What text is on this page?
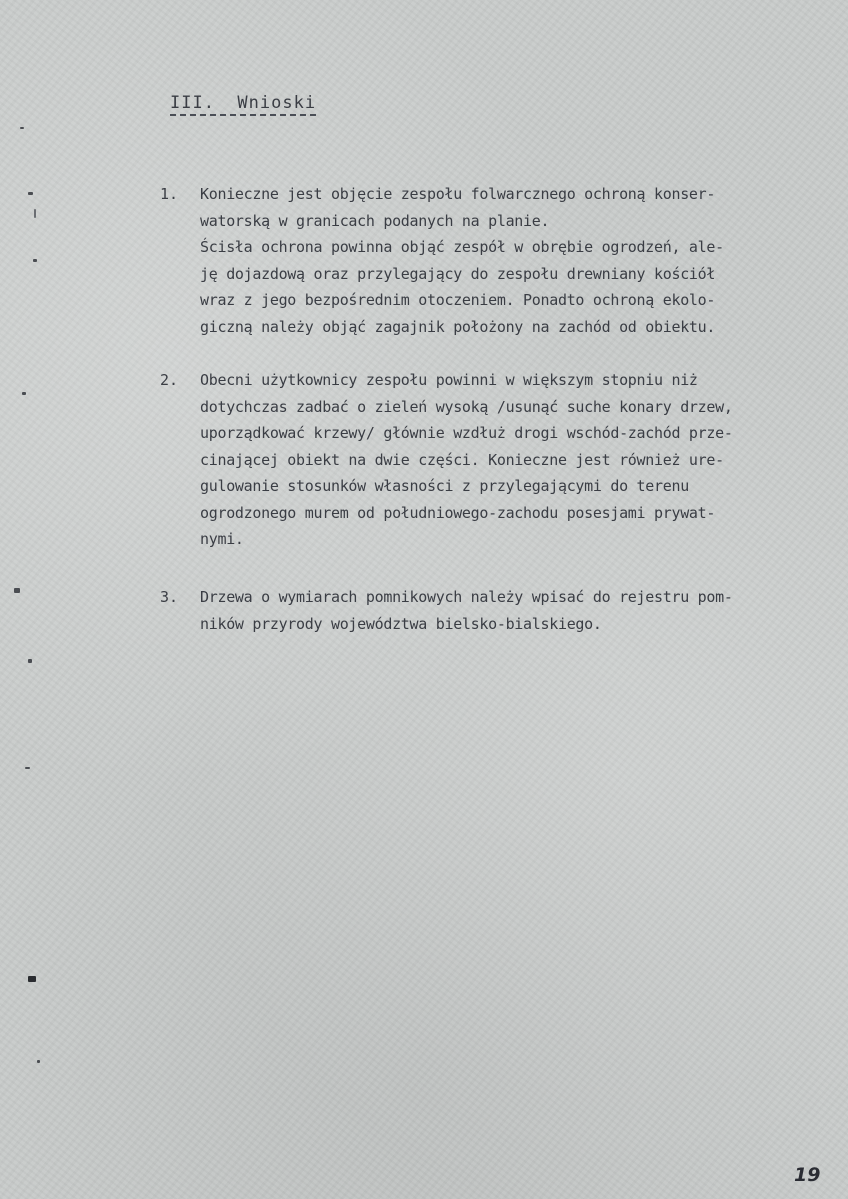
III.  Wnioski
1. Konieczne jest objęcie zespołu folwarcznego ochroną konser-
watorską w granicach podanych na planie.
Ścisła ochrona powinna objąć zespół w obrębie ogrodzeń, ale-
ję dojazdową oraz przylegający do zespołu drewniany kościół
wraz z jego bezpośrednim otoczeniem. Ponadto ochroną ekolo-
giczną należy objąć zagajnik położony na zachód od obiektu.
2. Obecni użytkownicy zespołu powinni w większym stopniu niż
dotychczas zadbać o zieleń wysoką /usunąć suche konary drzew,
uporządkować krzewy/ głównie wzdłuż drogi wschód-zachód prze-
cinającej obiekt na dwie części. Konieczne jest również ure-
gulowanie stosunków własności z przylegającymi do terenu
ogrodzonego murem od południowego-zachodu posesjami prywat-
nymi.
3. Drzewa o wymiarach pomnikowych należy wpisać do rejestru pom-
ników przyrody województwa bielsko-bialskiego.
19
